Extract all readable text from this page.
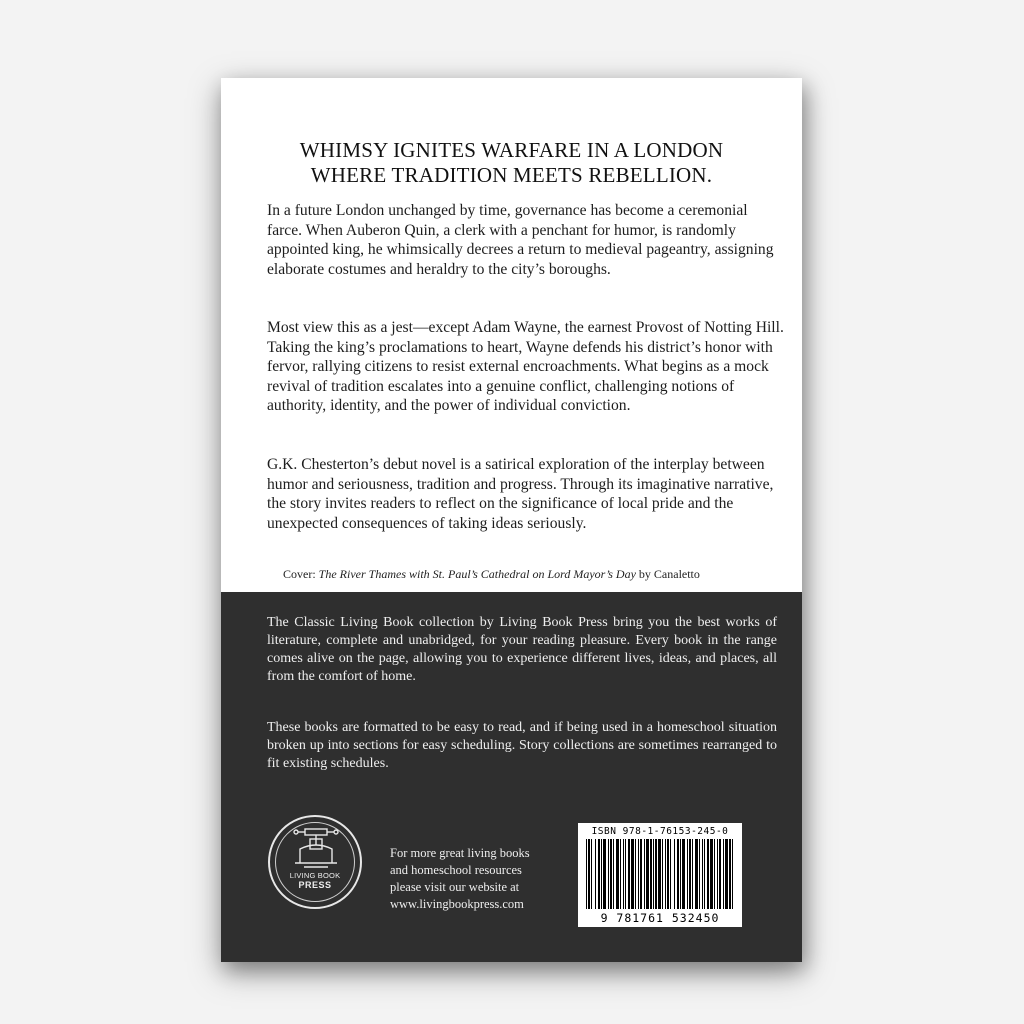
WHIMSY IGNITES WARFARE IN A LONDON
WHERE TRADITION MEETS REBELLION.
In a future London unchanged by time, governance has become a ceremonial farce. When Auberon Quin, a clerk with a penchant for humor, is randomly appointed king, he whimsically decrees a return to medieval pageantry, assigning elaborate costumes and heraldry to the city’s boroughs.
Most view this as a jest—except Adam Wayne, the earnest Provost of Notting Hill. Taking the king’s proclamations to heart, Wayne defends his district’s honor with fervor, rallying citizens to resist external encroachments. What begins as a mock revival of tradition escalates into a genuine conflict, challenging notions of authority, identity, and the power of individual conviction.
G.K. Chesterton’s debut novel is a satirical exploration of the interplay between humor and seriousness, tradition and progress. Through its imaginative narrative, the story invites readers to reflect on the significance of local pride and the unexpected consequences of taking ideas seriously.
Cover: The River Thames with St. Paul’s Cathedral on Lord Mayor’s Day by Canaletto
The Classic Living Book collection by Living Book Press bring you the best works of literature, complete and unabridged, for your reading pleasure. Every book in the range comes alive on the page, allowing you to experience different lives, ideas, and places, all from the comfort of home.
These books are formatted to be easy to read, and if being used in a homeschool situation broken up into sections for easy scheduling. Story collections are sometimes rearranged to fit existing schedules.
LIVING BOOK
PRESS
For more great living books
and homeschool resources
please visit our website at
www.livingbookpress.com
ISBN 978-1-76153-245-0
9 781761 532450
